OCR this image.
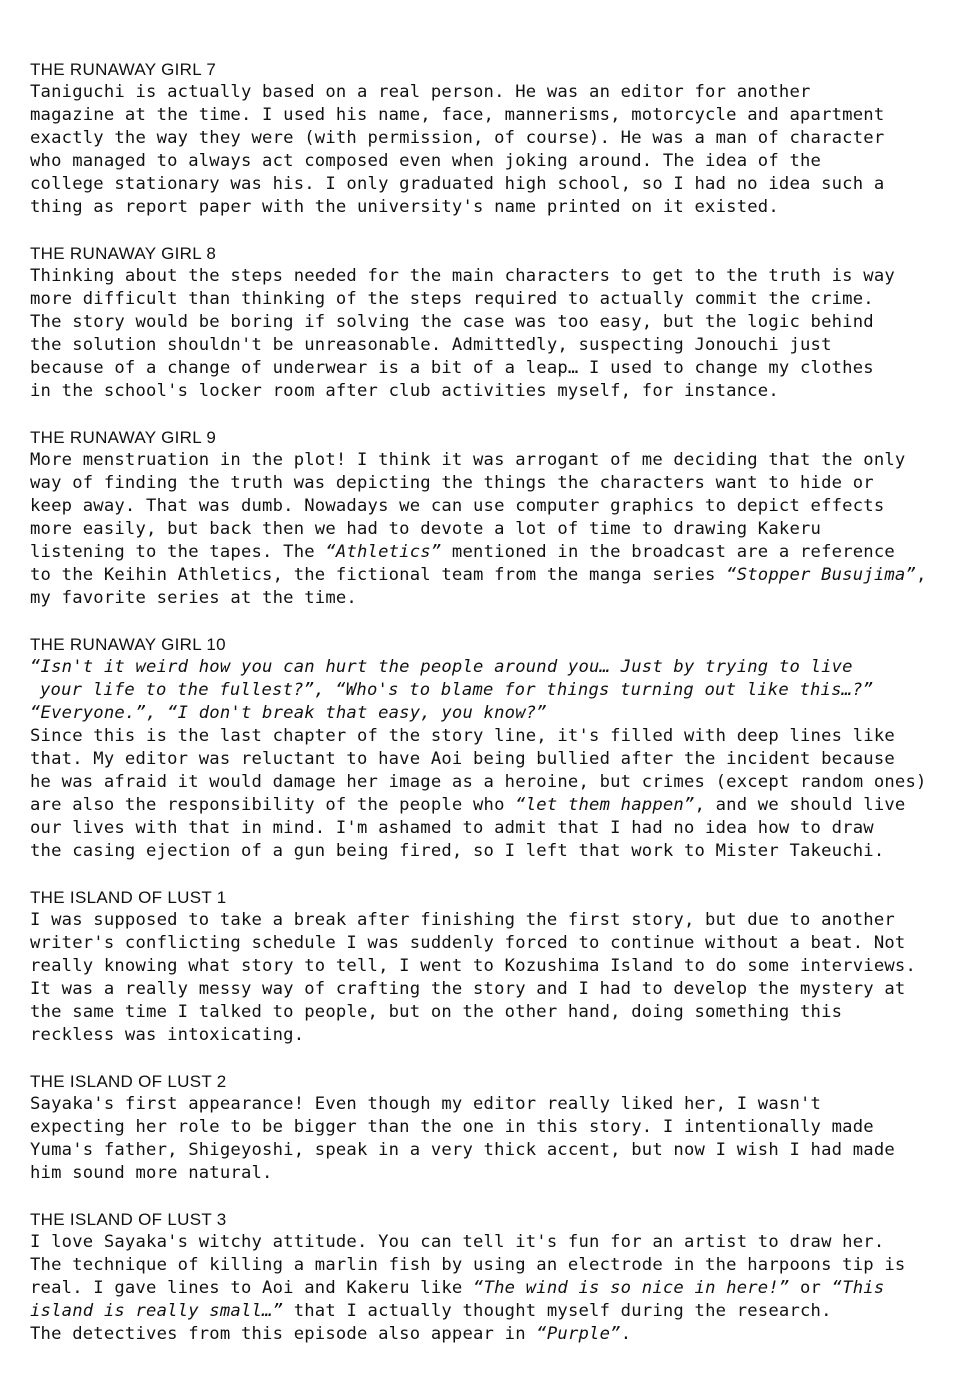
THE RUNAWAY GIRL 7
Taniguchi is actually based on a real person. He was an editor for another
magazine at the time. I used his name, face, mannerisms, motorcycle and apartment
exactly the way they were (with permission, of course). He was a man of character
who managed to always act composed even when joking around. The idea of the
college stationary was his. I only graduated high school, so I had no idea such a
thing as report paper with the university's name printed on it existed.
THE RUNAWAY GIRL 8
Thinking about the steps needed for the main characters to get to the truth is way
more difficult than thinking of the steps required to actually commit the crime.
The story would be boring if solving the case was too easy, but the logic behind
the solution shouldn't be unreasonable. Admittedly, suspecting Jonouchi just
because of a change of underwear is a bit of a leap… I used to change my clothes
in the school's locker room after club activities myself, for instance.
THE RUNAWAY GIRL 9
More menstruation in the plot! I think it was arrogant of me deciding that the only
way of finding the truth was depicting the things the characters want to hide or
keep away. That was dumb. Nowadays we can use computer graphics to depict effects
more easily, but back then we had to devote a lot of time to drawing Kakeru
listening to the tapes. The “Athletics” mentioned in the broadcast are a reference
to the Keihin Athletics, the fictional team from the manga series “Stopper Busujima”,
my favorite series at the time.
THE RUNAWAY GIRL 10
“Isn't it weird how you can hurt the people around you… Just by trying to live
your life to the fullest?”, “Who's to blame for things turning out like this…?”
“Everyone.”, “I don't break that easy, you know?”
Since this is the last chapter of the story line, it's filled with deep lines like
that. My editor was reluctant to have Aoi being bullied after the incident because
he was afraid it would damage her image as a heroine, but crimes (except random ones)
are also the responsibility of the people who “let them happen”, and we should live
our lives with that in mind. I'm ashamed to admit that I had no idea how to draw
the casing ejection of a gun being fired, so I left that work to Mister Takeuchi.
THE ISLAND OF LUST 1
I was supposed to take a break after finishing the first story, but due to another
writer's conflicting schedule I was suddenly forced to continue without a beat. Not
really knowing what story to tell, I went to Kozushima Island to do some interviews.
It was a really messy way of crafting the story and I had to develop the mystery at
the same time I talked to people, but on the other hand, doing something this
reckless was intoxicating.
THE ISLAND OF LUST 2
Sayaka's first appearance! Even though my editor really liked her, I wasn't
expecting her role to be bigger than the one in this story. I intentionally made
Yuma's father, Shigeyoshi, speak in a very thick accent, but now I wish I had made
him sound more natural.
THE ISLAND OF LUST 3
I love Sayaka's witchy attitude. You can tell it's fun for an artist to draw her.
The technique of killing a marlin fish by using an electrode in the harpoons tip is
real. I gave lines to Aoi and Kakeru like “The wind is so nice in here!” or “This
island is really small…” that I actually thought myself during the research.
The detectives from this episode also appear in “Purple”.
